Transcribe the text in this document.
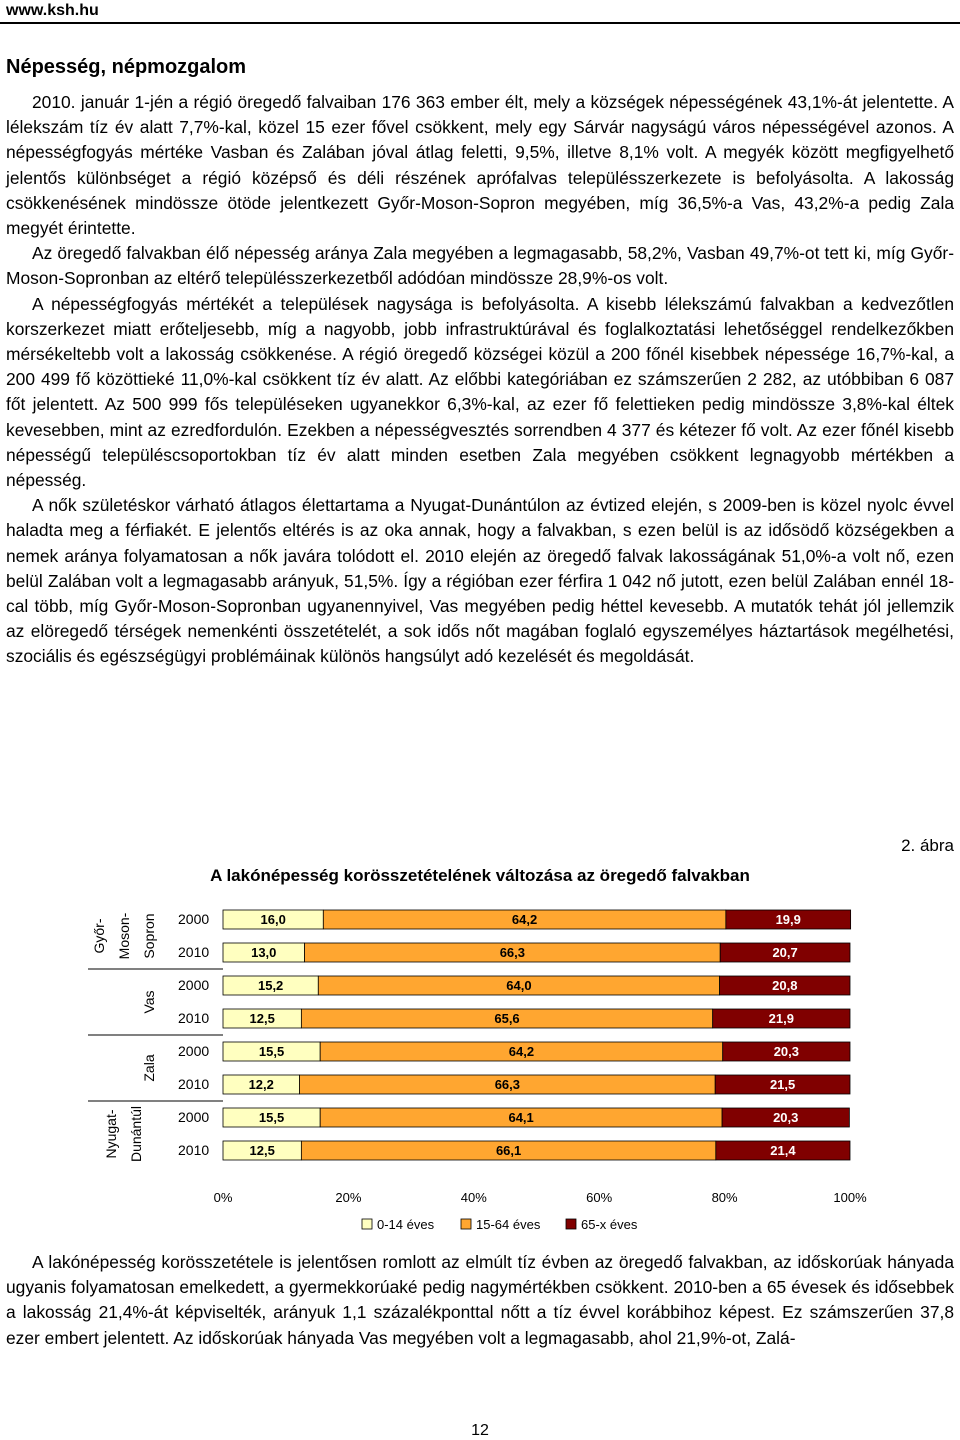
www.ksh.hu
Népesség, népmozgalom

2010. január 1-jén a régió öregedő falvaiban 176 363 ember élt, mely a községek népességének 43,1%-át jelentette. A lélekszám tíz év alatt 7,7%-kal, közel 15 ezer fővel csökkent, mely egy Sárvár nagyságú város népességével azonos. A népességfogyás mértéke Vasban és Zalában jóval átlag feletti, 9,5%, illetve 8,1% volt. A megyék között megfigyelhető jelentős különbséget a régió középső és déli részének aprófalvas településszerkezete is befolyásolta. A lakosság csökkenésének mindössze ötöde jelentkezett Győr-Moson-Sopron megyében, míg 36,5%-a Vas, 43,2%-a pedig Zala megyét érintette.

Az öregedő falvakban élő népesség aránya Zala megyében a legmagasabb, 58,2%, Vasban 49,7%-ot tett ki, míg Győr-Moson-Sopronban az eltérő településszerkezetből adódóan mindössze 28,9%-os volt.

A népességfogyás mértékét a települések nagysága is befolyásolta. A kisebb lélekszámú falvakban a kedvezőtlen korszerkezet miatt erőteljesebb, míg a nagyobb, jobb infrastruktúrával és foglalkoztatási lehetőséggel rendelkezőkben mérsékeltebb volt a lakosság csökkenése. A régió öregedő községei közül a 200 főnél kisebbek népessége 16,7%-kal, a 200 499 fő közöttieké 11,0%-kal csökkent tíz év alatt. Az előbbi kategóriában ez számszerűen 2 282, az utóbbiban 6 087 főt jelentett. Az 500 999 fős településeken ugyanekkor 6,3%-kal, az ezer fő felettieken pedig mindössze 3,8%-kal éltek kevesebben, mint az ezredfordulón. Ezekben a népességvesztés sorrendben 4 377 és kétezer fő volt. Az ezer főnél kisebb népességű településcsoportokban tíz év alatt minden esetben Zala megyében csökkent legnagyobb mértékben a népesség.

A nők születéskor várható átlagos élettartama a Nyugat-Dunántúlon az évtized elején, s 2009-ben is közel nyolc évvel haladta meg a férfiakét. E jelentős eltérés is az oka annak, hogy a falvakban, s ezen belül is az idősödő községekben a nemek aránya folyamatosan a nők javára tolódott el. 2010 elején az öregedő falvak lakosságának 51,0%-a volt nő, ezen belül Zalában volt a legmagasabb arányuk, 51,5%. Így a régióban ezer férfira 1 042 nő jutott, ezen belül Zalában ennél 18-cal több, míg Győr-Moson-Sopronban ugyanennyivel, Vas megyében pedig héttel kevesebb. A mutatók tehát jól jellemzik az elöregedő térségek nemenkénti összetételét, a sok idős nőt magában foglaló egyszemélyes háztartások megélhetési, szociális és egészségügyi problémáinak különös hangsúlyt adó kezelését és megoldását.

2. ábra
A lakónépesség korösszetételének változása az öregedő falvakban
Győr- Moson- Sopron 2000	16,0	64,2	19,9
2010	13,0	66,3	20,7
Vas
2000	15,2	64,0	20,8
2010	12,5	65,6	21,9
Zala
2000	15,5	64,2	20,3
2010	12,2	66,3	21,5
Nyugat- Dunántúl 2000	15,5	64,1	20,3
2010	12,5	66,1	21,4
0%	20%	40%	60%	80%	100%
0-14 éves	15-64 éves	65-x éves

A lakónépesség korösszetétele is jelentősen romlott az elmúlt tíz évben az öregedő falvakban, az időskorúak hányada ugyanis folyamatosan emelkedett, a gyermekkorúaké pedig nagymértékben csökkent. 2010-ben a 65 évesek és idősebbek a lakosság 21,4%-át képviselték, arányuk 1,1 százalékponttal nőtt a tíz évvel korábbihoz képest. Ez számszerűen 37,8 ezer embert jelentett. Az időskorúak hányada Vas megyében volt a legmagasabb, ahol 21,9%-ot, Zalá-

12
